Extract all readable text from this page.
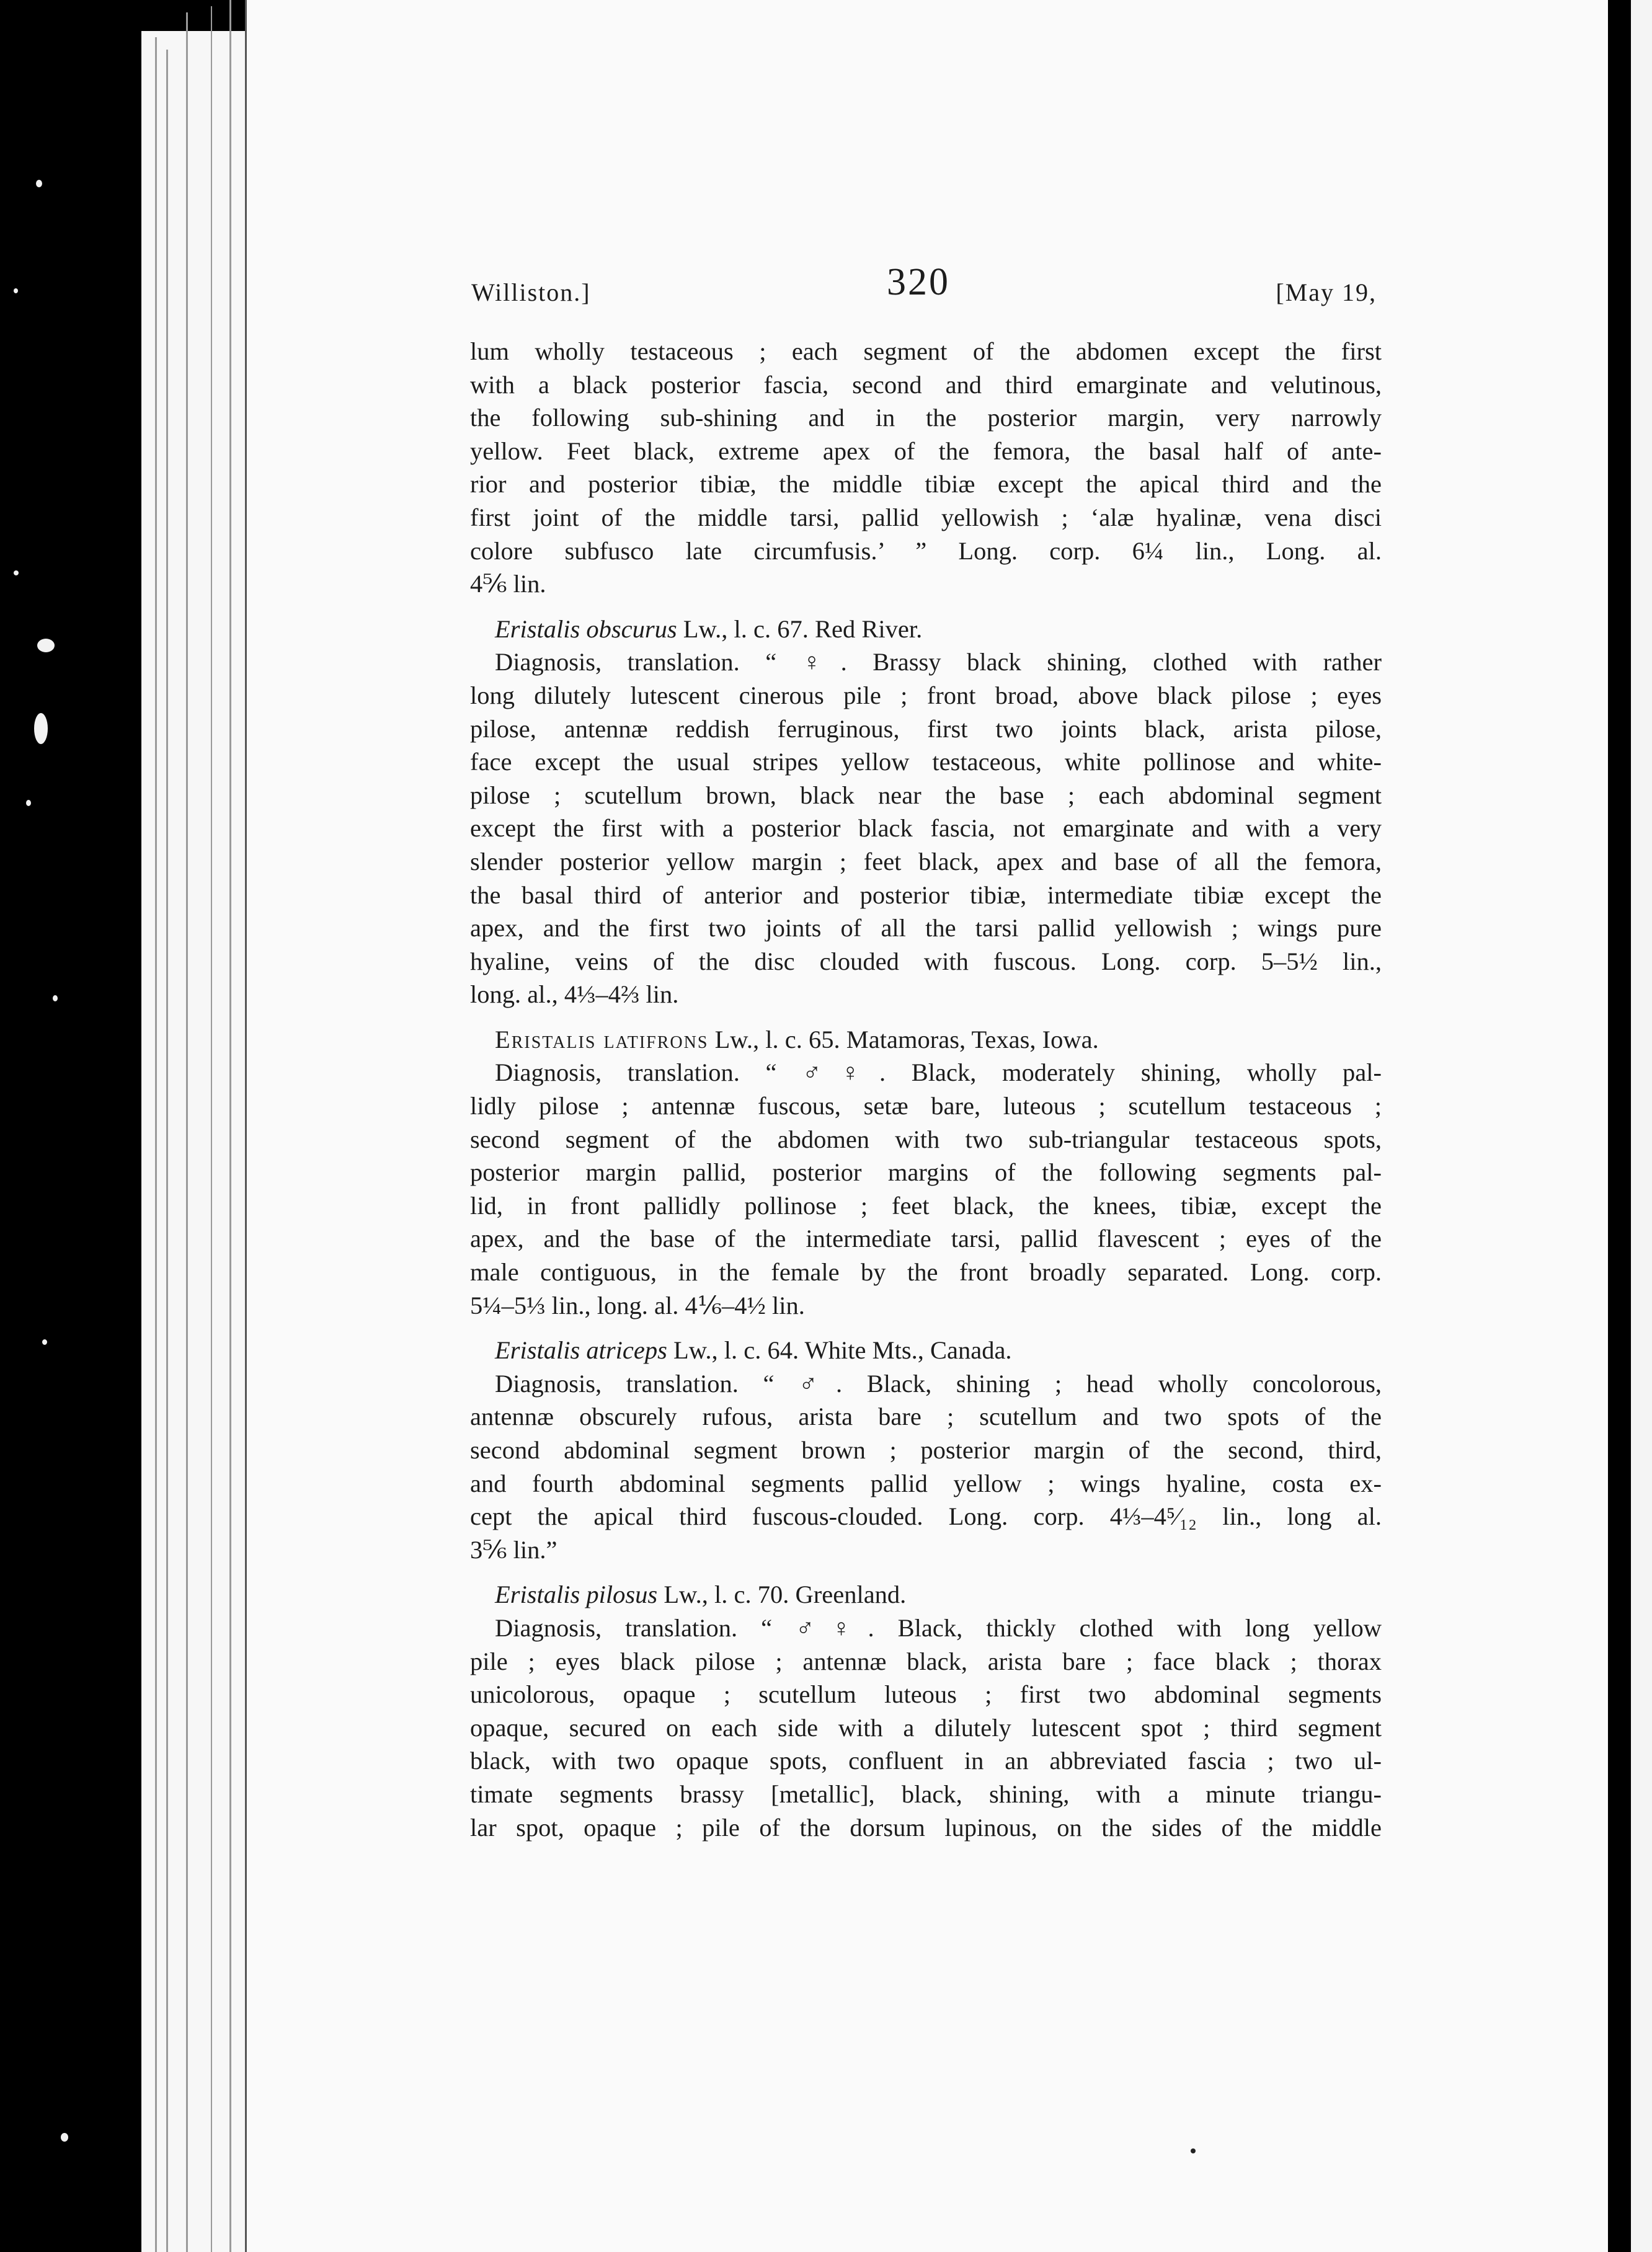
Williston.]	320	[May 19,

lum wholly testaceous ; each segment of the abdomen except the first

with a black posterior fascia, second and third emarginate and velutinous,

the following sub-shining and in the posterior margin, very narrowly

yellow. Feet black, extreme apex of the femora, the basal half of ante-

rior and posterior tibiæ, the middle tibiæ except the apical third and the

first joint of the middle tarsi, pallid yellowish ; ‘alæ hyalinæ, vena disci

colore subfusco late circumfusis.’ ” Long. corp. 6¼ lin., Long. al.

4⅚ lin.

Eristalis obscurus Lw., l. c. 67. Red River.

Diagnosis, translation. “ ♀. Brassy black shining, clothed with rather

long dilutely lutescent cinerous pile ; front broad, above black pilose ; eyes

pilose, antennæ reddish ferruginous, first two joints black, arista pilose,

face except the usual stripes yellow testaceous, white pollinose and white-

pilose ; scutellum brown, black near the base ; each abdominal segment

except the first with a posterior black fascia, not emarginate and with a very

slender posterior yellow margin ; feet black, apex and base of all the femora,

the basal third of anterior and posterior tibiæ, intermediate tibiæ except the

apex, and the first two joints of all the tarsi pallid yellowish ; wings pure

hyaline, veins of the disc clouded with fuscous. Long. corp. 5–5½ lin.,

long. al., 4⅓–4⅔ lin.

Eristalis latifrons Lw., l. c. 65. Matamoras, Texas, Iowa.

Diagnosis, translation. “ ♂♀. Black, moderately shining, wholly pal-

lidly pilose ; antennæ fuscous, setæ bare, luteous ; scutellum testaceous ;

second segment of the abdomen with two sub-triangular testaceous spots,

posterior margin pallid, posterior margins of the following segments pal-

lid, in front pallidly pollinose ; feet black, the knees, tibiæ, except the

apex, and the base of the intermediate tarsi, pallid flavescent ; eyes of the

male contiguous, in the female by the front broadly separated. Long. corp.

5¼–5⅓ lin., long. al. 4⅙–4½ lin.

Eristalis atriceps Lw., l. c. 64. White Mts., Canada.

Diagnosis, translation. “ ♂. Black, shining ; head wholly concolorous,

antennæ obscurely rufous, arista bare ; scutellum and two spots of the

second abdominal segment brown ; posterior margin of the second, third,

and fourth abdominal segments pallid yellow ; wings hyaline, costa ex-

cept the apical third fuscous-clouded. Long. corp. 4⅓–4⁵⁄₁₂ lin., long al.

3⅚ lin.”

Eristalis pilosus Lw., l. c. 70. Greenland.

Diagnosis, translation. “ ♂♀. Black, thickly clothed with long yellow

pile ; eyes black pilose ; antennæ black, arista bare ; face black ; thorax

unicolorous, opaque ; scutellum luteous ; first two abdominal segments

opaque, secured on each side with a dilutely lutescent spot ; third segment

black, with two opaque spots, confluent in an abbreviated fascia ; two ul-

timate segments brassy [metallic], black, shining, with a minute triangu-

lar spot, opaque ; pile of the dorsum lupinous, on the sides of the middle
